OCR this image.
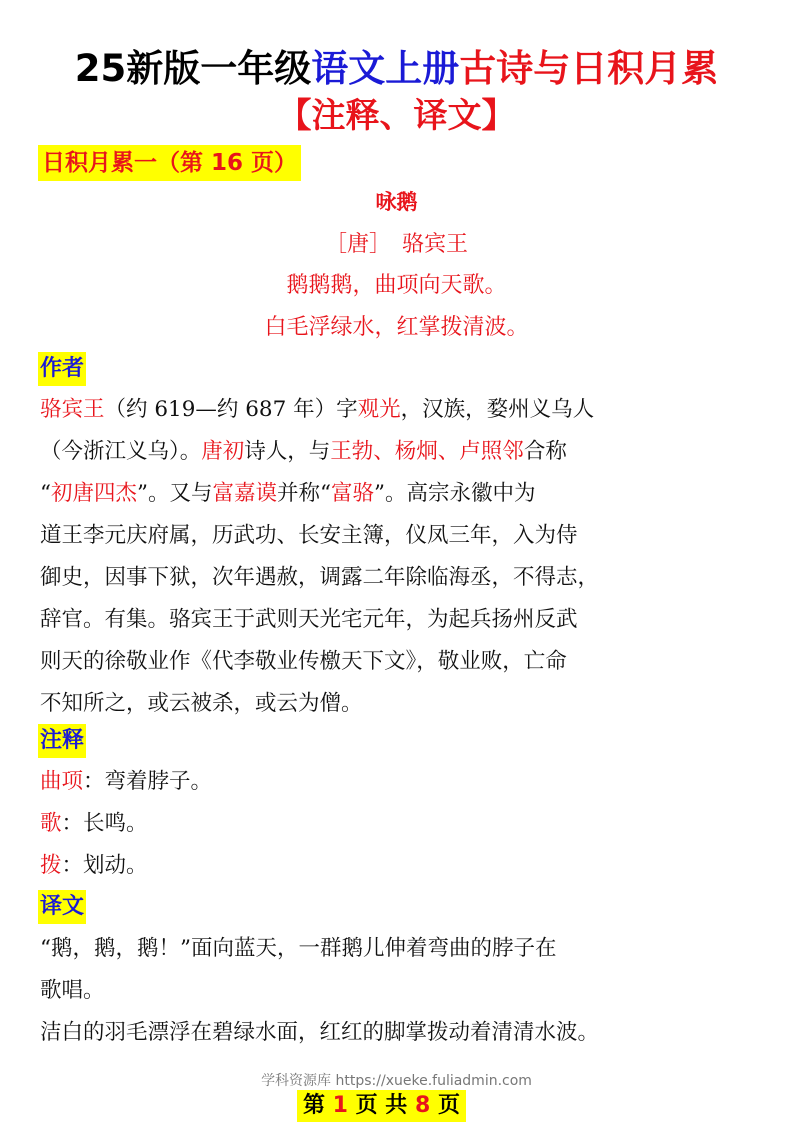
25新版一年级语文上册古诗与日积月累
【注释、译文】
日积月累一（第 16 页）
咏鹅
［唐］　骆宾王
鹅鹅鹅，曲项向天歌。
白毛浮绿水，红掌拨清波。
作者
骆宾王（约 619—约 687 年）字观光，汉族，婺州义乌人
（今浙江义乌）。唐初诗人，与王勃、杨炯、卢照邻合称
“初唐四杰”。又与富嘉谟并称“富骆”。高宗永徽中为
道王李元庆府属，历武功、长安主簿，仪凤三年，入为侍
御史，因事下狱，次年遇赦，调露二年除临海丞，不得志，
辞官。有集。骆宾王于武则天光宅元年，为起兵扬州反武
则天的徐敬业作《代李敬业传檄天下文》，敬业败，亡命
不知所之，或云被杀，或云为僧。
注释
曲项：弯着脖子。
歌：长鸣。
拨：划动。
译文
“鹅，鹅，鹅！”面向蓝天，一群鹅儿伸着弯曲的脖子在
歌唱。
洁白的羽毛漂浮在碧绿水面，红红的脚掌拨动着清清水波。
学科资源库 https://xueke.fuliadmin.com
第 1 页 共 8 页
